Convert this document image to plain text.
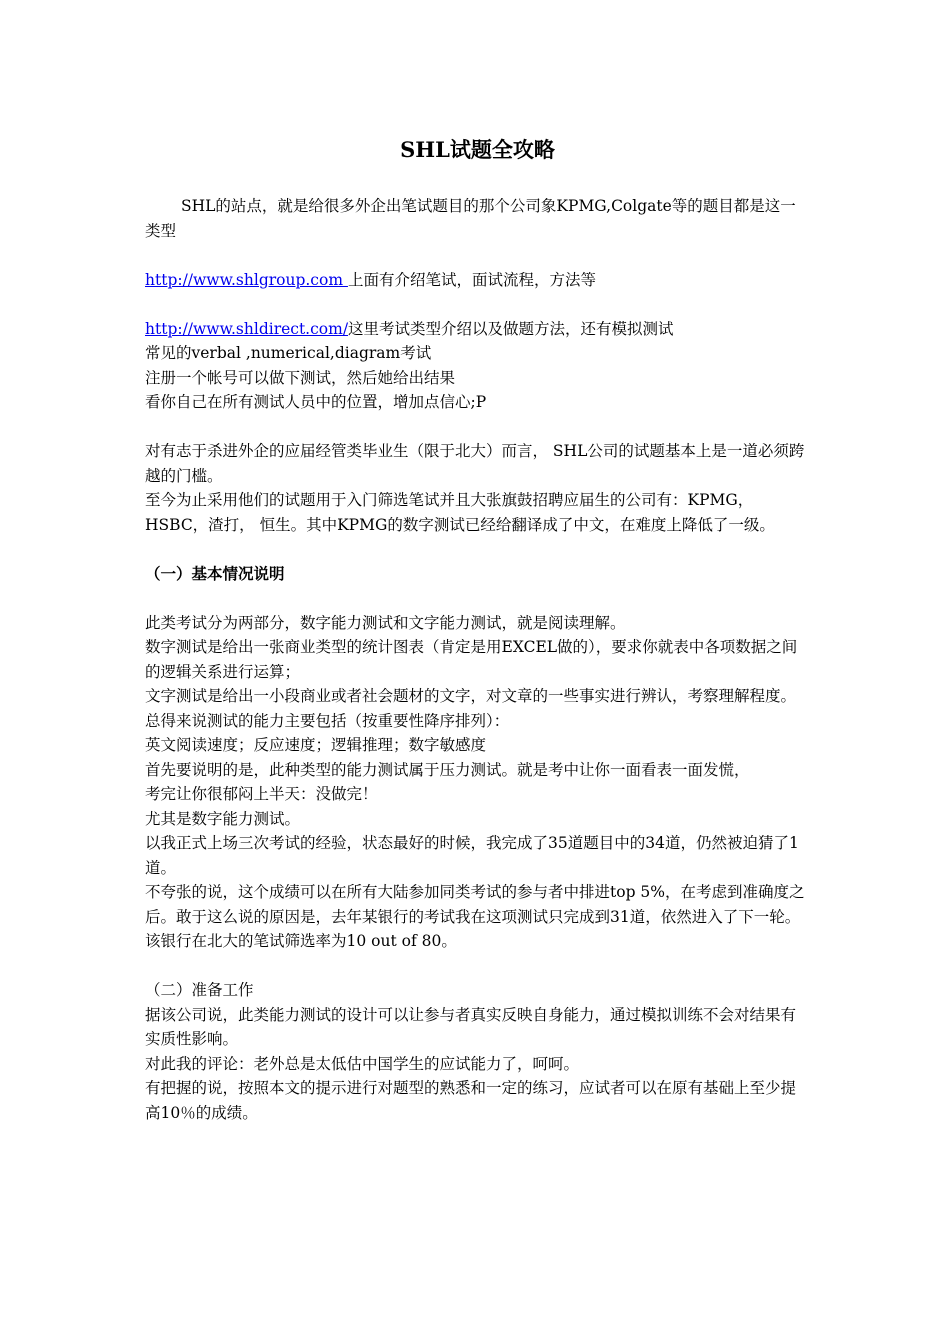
SHL试题全攻略

SHL的站点，就是给很多外企出笔试题目的那个公司象KPMG,Colgate等的题目都是这一类型

http://www.shlgroup.com 上面有介绍笔试，面试流程，方法等

http://www.shldirect.com/这里考试类型介绍以及做题方法，还有模拟测试

常见的verbal ,numerical,diagram考试

注册一个帐号可以做下测试，然后她给出结果

看你自己在所有测试人员中的位置，增加点信心;P

对有志于杀进外企的应届经管类毕业生（限于北大）而言， SHL公司的试题基本上是一道必须跨越的门槛。

至今为止采用他们的试题用于入门筛选笔试并且大张旗鼓招聘应届生的公司有：KPMG，HSBC，渣打， 恒生。其中KPMG的数字测试已经给翻译成了中文，在难度上降低了一级。

（一）基本情况说明

此类考试分为两部分，数字能力测试和文字能力测试，就是阅读理解。

数字测试是给出一张商业类型的统计图表（肯定是用EXCEL做的），要求你就表中各项数据之间的逻辑关系进行运算；

文字测试是给出一小段商业或者社会题材的文字，对文章的一些事实进行辨认，考察理解程度。

总得来说测试的能力主要包括（按重要性降序排列）：

英文阅读速度；反应速度；逻辑推理；数字敏感度

首先要说明的是，此种类型的能力测试属于压力测试。就是考中让你一面看表一面发慌，

考完让你很郁闷上半天：没做完！

尤其是数字能力测试。

以我正式上场三次考试的经验，状态最好的时候，我完成了35道题目中的34道，仍然被迫猜了1道。

不夸张的说，这个成绩可以在所有大陆参加同类考试的参与者中排进top 5%，在考虑到准确度之后。敢于这么说的原因是，去年某银行的考试我在这项测试只完成到31道，依然进入了下一轮。该银行在北大的笔试筛选率为10 out of 80。

（二）准备工作

据该公司说，此类能力测试的设计可以让参与者真实反映自身能力，通过模拟训练不会对结果有实质性影响。

对此我的评论：老外总是太低估中国学生的应试能力了，呵呵。

有把握的说，按照本文的提示进行对题型的熟悉和一定的练习，应试者可以在原有基础上至少提高10％的成绩。
